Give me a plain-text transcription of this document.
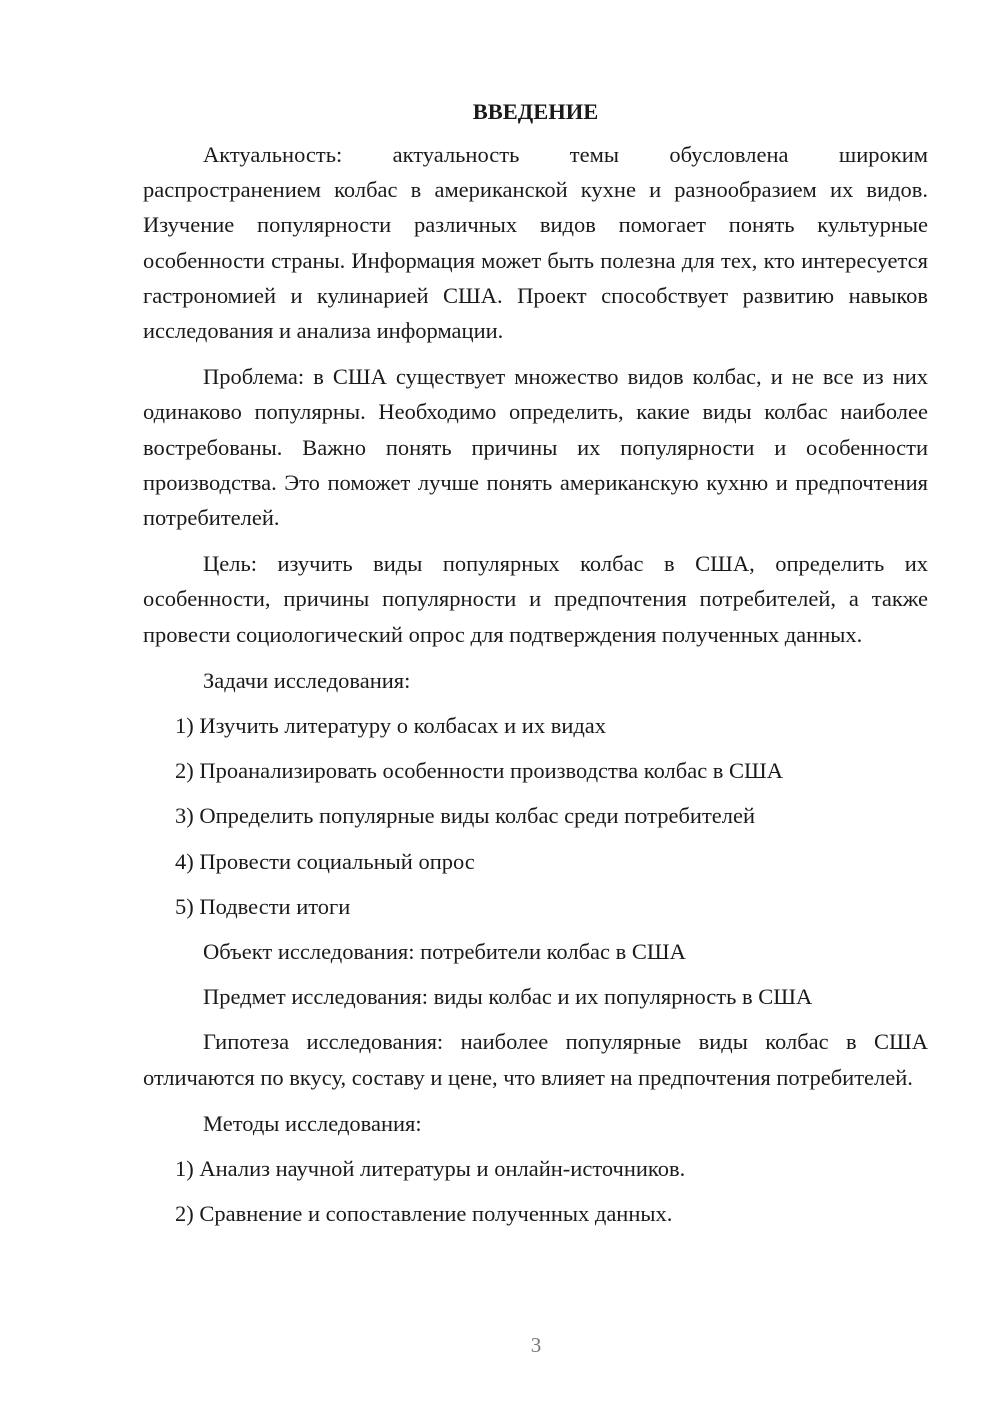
ВВЕДЕНИЕ

Актуальность: актуальность темы обусловлена широким распространением колбас в американской кухне и разнообразием их видов. Изучение популярности различных видов помогает понять культурные особенности страны. Информация может быть полезна для тех, кто интересуется гастрономией и кулинарией США. Проект способствует развитию навыков исследования и анализа информации.

Проблема: в США существует множество видов колбас, и не все из них одинаково популярны. Необходимо определить, какие виды колбас наиболее востребованы. Важно понять причины их популярности и особенности производства. Это поможет лучше понять американскую кухню и предпочтения потребителей.

Цель: изучить виды популярных колбас в США, определить их особенности, причины популярности и предпочтения потребителей, а также провести социологический опрос для подтверждения полученных данных.

Задачи исследования:
1) Изучить литературу о колбасах и их видах
2) Проанализировать особенности производства колбас в США
3) Определить популярные виды колбас среди потребителей
4) Провести социальный опрос
5) Подвести итоги
Объект исследования: потребители колбас в США
Предмет исследования: виды колбас и их популярность в США

Гипотеза исследования: наиболее популярные виды колбас в США отличаются по вкусу, составу и цене, что влияет на предпочтения потребителей.

Методы исследования:
1) Анализ научной литературы и онлайн-источников.
2) Сравнение и сопоставление полученных данных.
3
